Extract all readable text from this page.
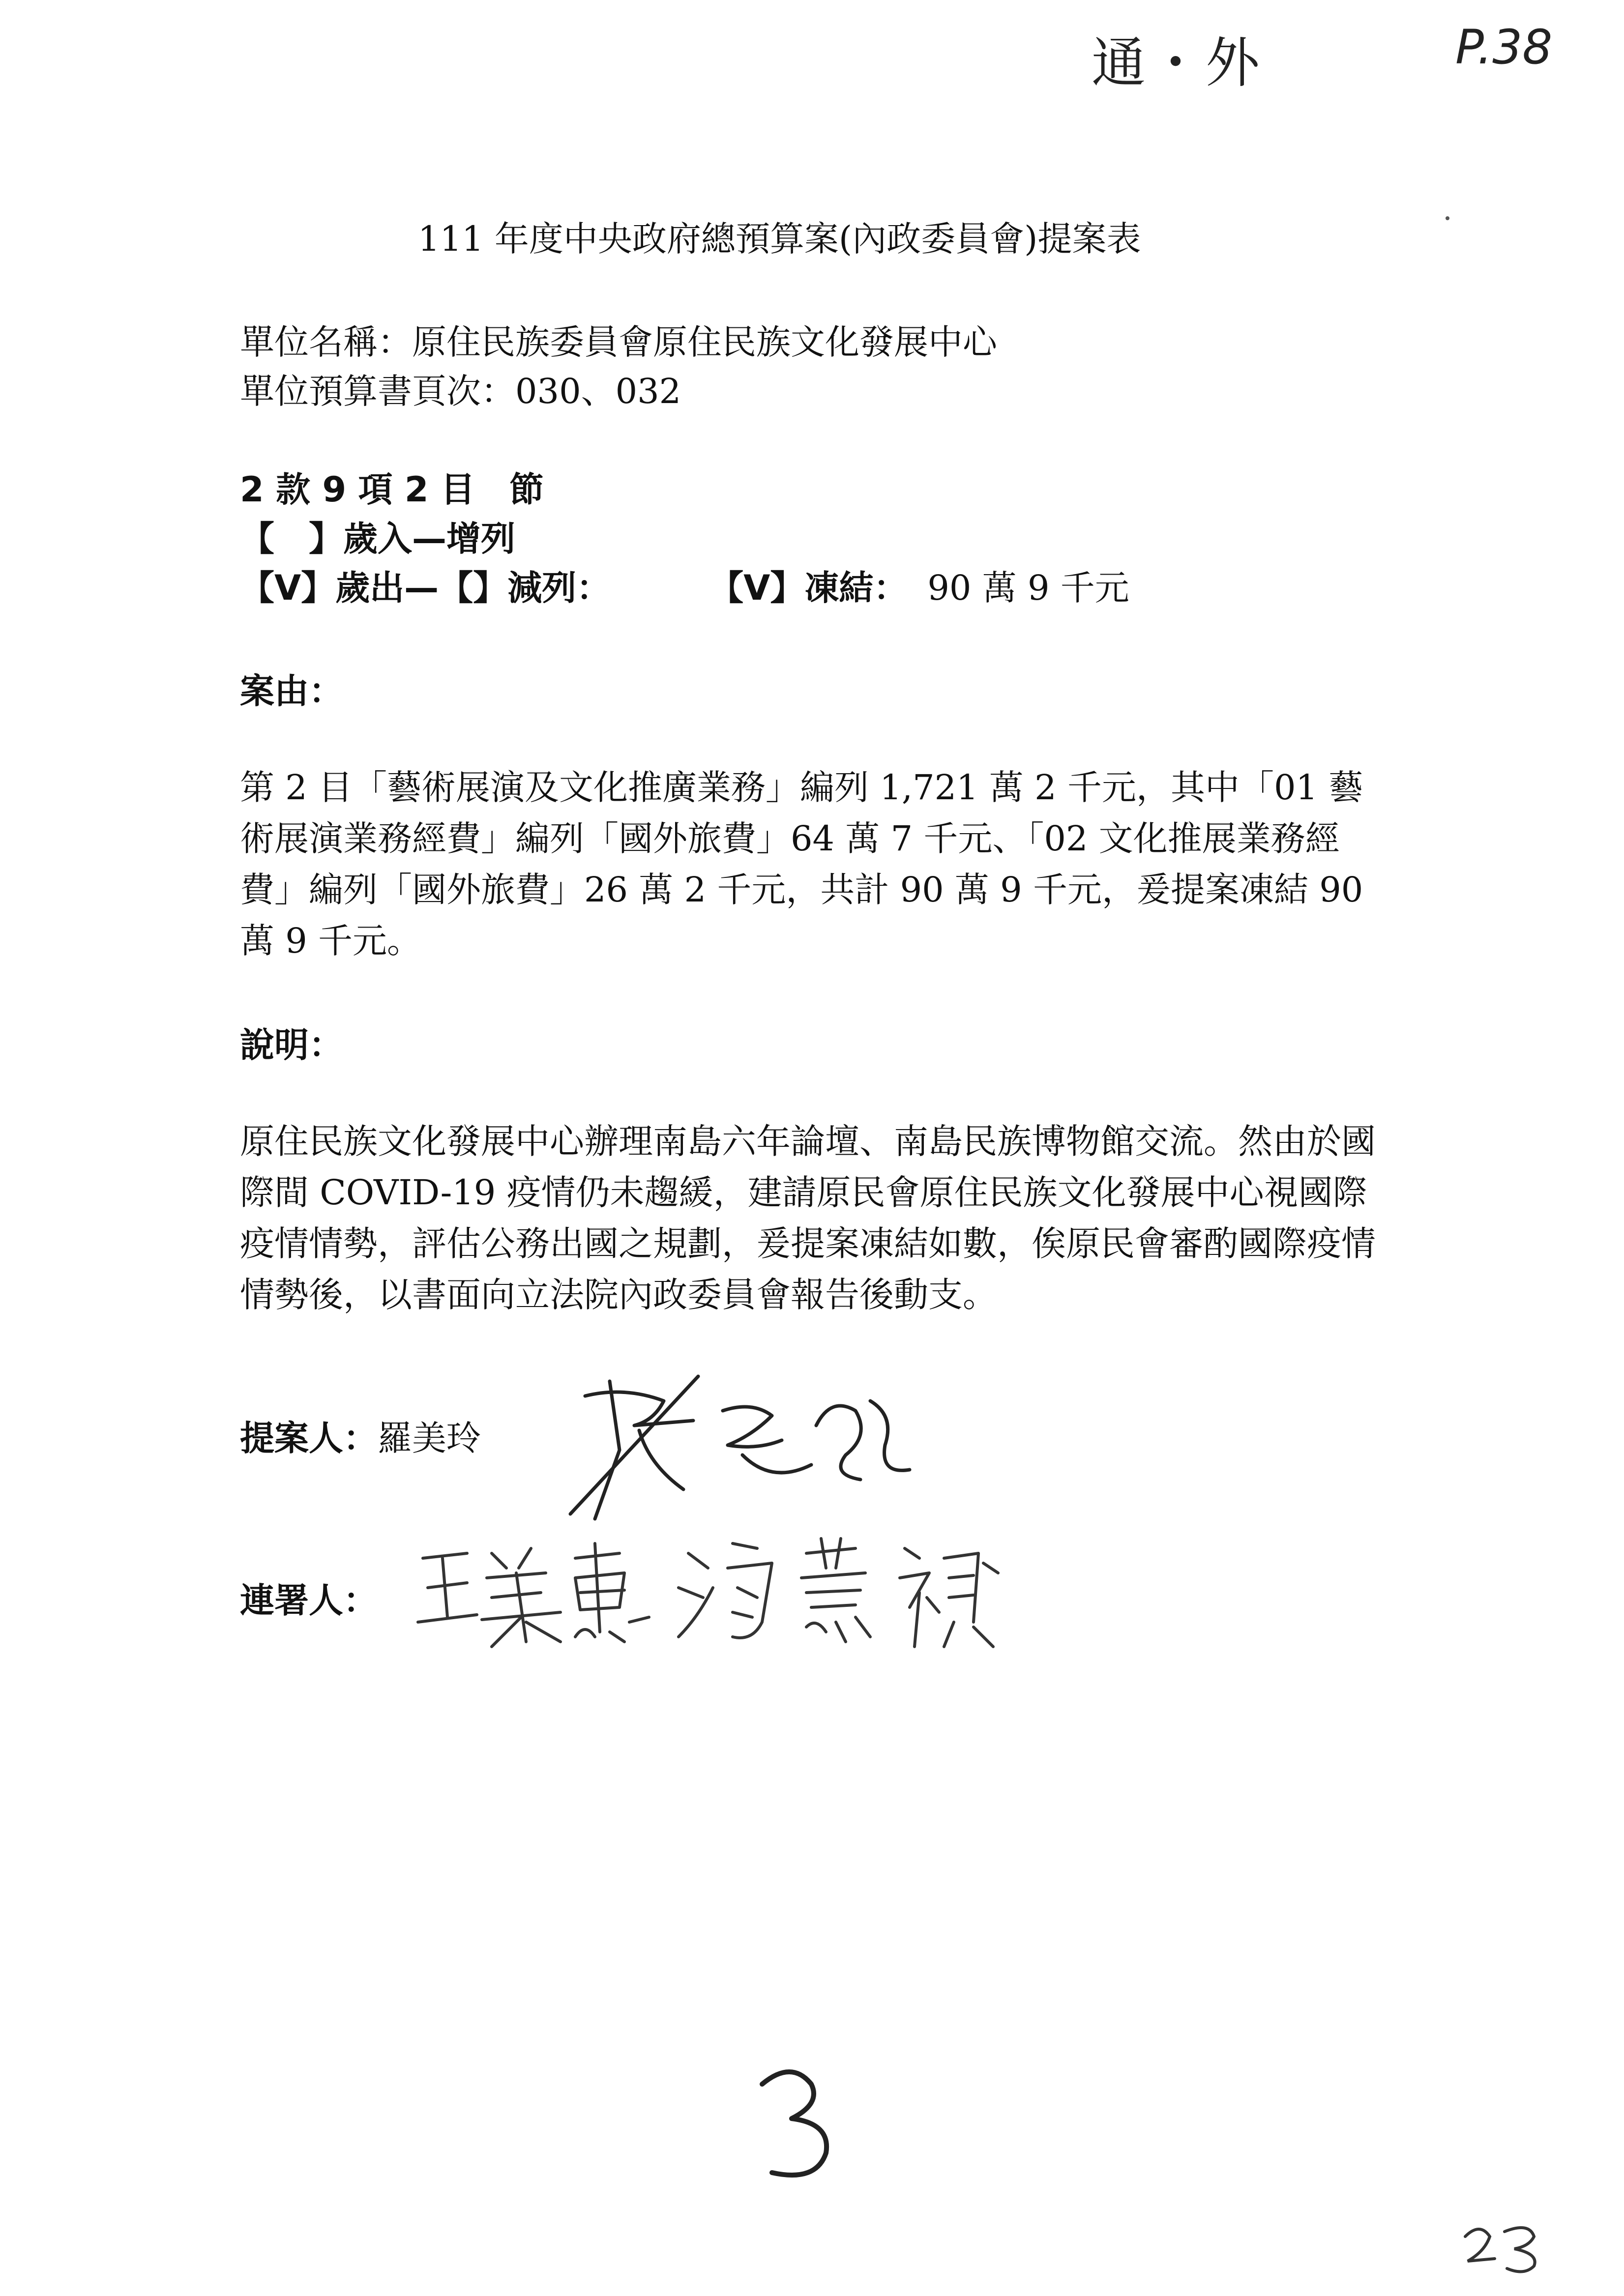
通・外	P.38
111 年度中央政府總預算案(內政委員會)提案表
單位名稱：原住民族委員會原住民族文化發展中心
單位預算書頁次：030、032
2 款 9 項 2 目　節
【　】歲入—增列
【V】歲出—【】減列：	【V】凍結： 90 萬 9 千元
案由：
第 2 目「藝術展演及文化推廣業務」編列 1,721 萬 2 千元，其中「01 藝術展演業務經費」編列「國外旅費」64 萬 7 千元、「02 文化推展業務經費」編列「國外旅費」26 萬 2 千元，共計 90 萬 9 千元，爰提案凍結 90 萬 9 千元。
說明：
原住民族文化發展中心辦理南島六年論壇、南島民族博物館交流。然由於國際間 COVID-19 疫情仍未趨緩，建請原民會原住民族文化發展中心視國際疫情情勢，評估公務出國之規劃，爰提案凍結如數，俟原民會審酌國際疫情情勢後，以書面向立法院內政委員會報告後動支。
提案人：羅美玲
連署人：
